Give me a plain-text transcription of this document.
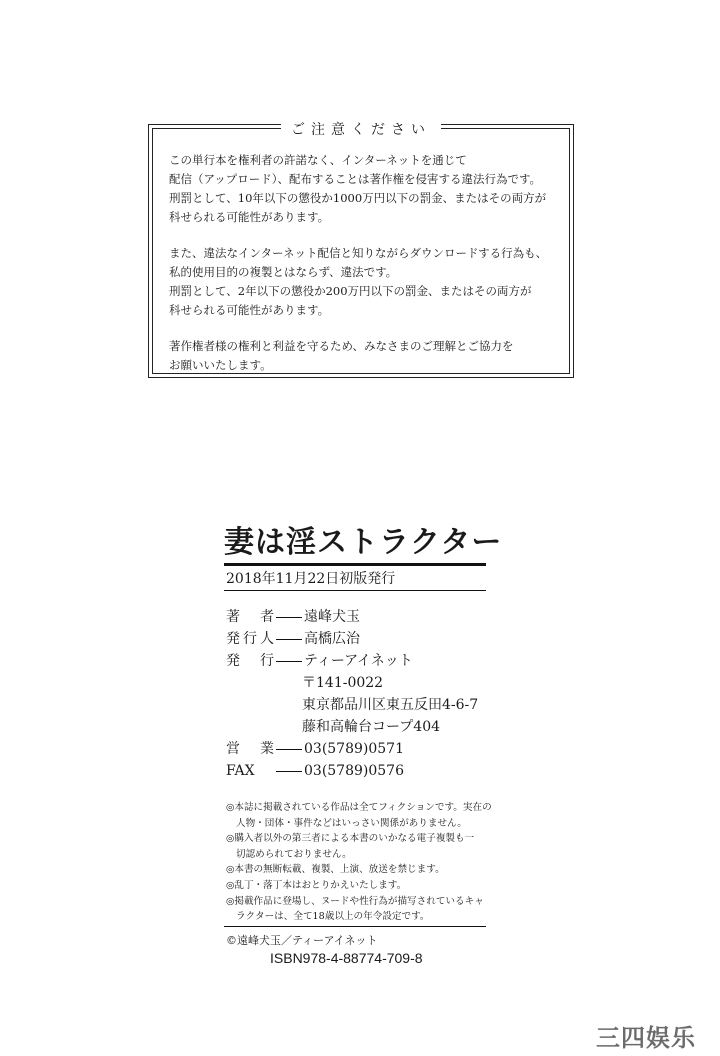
ご注意ください

この単行本を権利者の許諾なく、インターネットを通じて
配信（アップロード）、配布することは著作権を侵害する違法行為です。
刑罰として、10年以下の懲役か1000万円以下の罰金、またはその両方が
科せられる可能性があります。

また、違法なインターネット配信と知りながらダウンロードする行為も、
私的使用目的の複製とはならず、違法です。
刑罰として、2年以下の懲役か200万円以下の罰金、またはその両方が
科せられる可能性があります。

著作権者様の権利と利益を守るため、みなさまのご理解とご協力を
お願いいたします。

妻は淫ストラクター
2018年11月22日初版発行
著者 遠峰犬玉
発行人 高橋広治
発行 ティーアイネット
〒141-0022
東京都品川区東五反田4-6-7
藤和高輪台コープ404
営業 03(5789)0571
FAX	03(5789)0576
◎本誌に掲載されている作品は全てフィクションです。実在の
人物・団体・事件などはいっさい関係がありません。
◎購入者以外の第三者による本書のいかなる電子複製も一
切認められておりません。
◎本書の無断転載、複製、上演、放送を禁じます。
◎乱丁・落丁本はおとりかえいたします。
◎掲載作品に登場し、ヌードや性行為が描写されているキャ
ラクターは、全て18歳以上の年令設定です。
©遠峰犬玉／ティーアイネット
ISBN978-4-88774-709-8
三四娱乐
